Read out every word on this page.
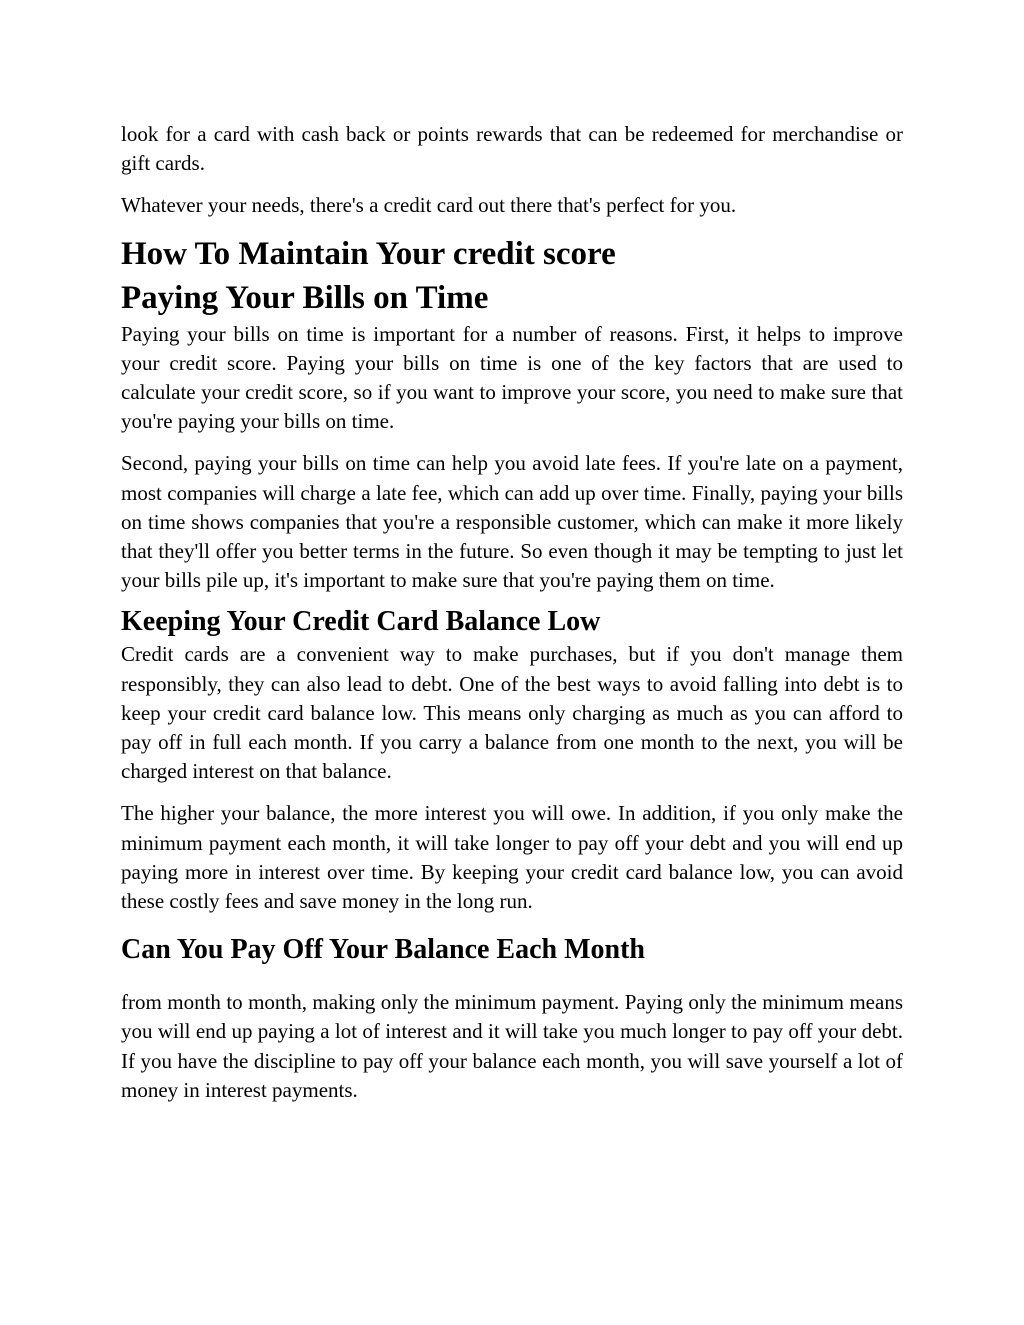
look for a card with cash back or points rewards that can be redeemed for merchandise or gift cards.

Whatever your needs, there's a credit card out there that's perfect for you.

How To Maintain Your credit score
Paying Your Bills on Time

Paying your bills on time is important for a number of reasons. First, it helps to improve your credit score. Paying your bills on time is one of the key factors that are used to calculate your credit score, so if you want to improve your score, you need to make sure that you're paying your bills on time.

Second, paying your bills on time can help you avoid late fees. If you're late on a payment, most companies will charge a late fee, which can add up over time. Finally, paying your bills on time shows companies that you're a responsible customer, which can make it more likely that they'll offer you better terms in the future. So even though it may be tempting to just let your bills pile up, it's important to make sure that you're paying them on time.

Keeping Your Credit Card Balance Low

Credit cards are a convenient way to make purchases, but if you don't manage them responsibly, they can also lead to debt. One of the best ways to avoid falling into debt is to keep your credit card balance low. This means only charging as much as you can afford to pay off in full each month. If you carry a balance from one month to the next, you will be charged interest on that balance.

The higher your balance, the more interest you will owe. In addition, if you only make the minimum payment each month, it will take longer to pay off your debt and you will end up paying more in interest over time. By keeping your credit card balance low, you can avoid these costly fees and save money in the long run.

Can You Pay Off Your Balance Each Month

from month to month, making only the minimum payment. Paying only the minimum means you will end up paying a lot of interest and it will take you much longer to pay off your debt. If you have the discipline to pay off your balance each month, you will save yourself a lot of money in interest payments.
